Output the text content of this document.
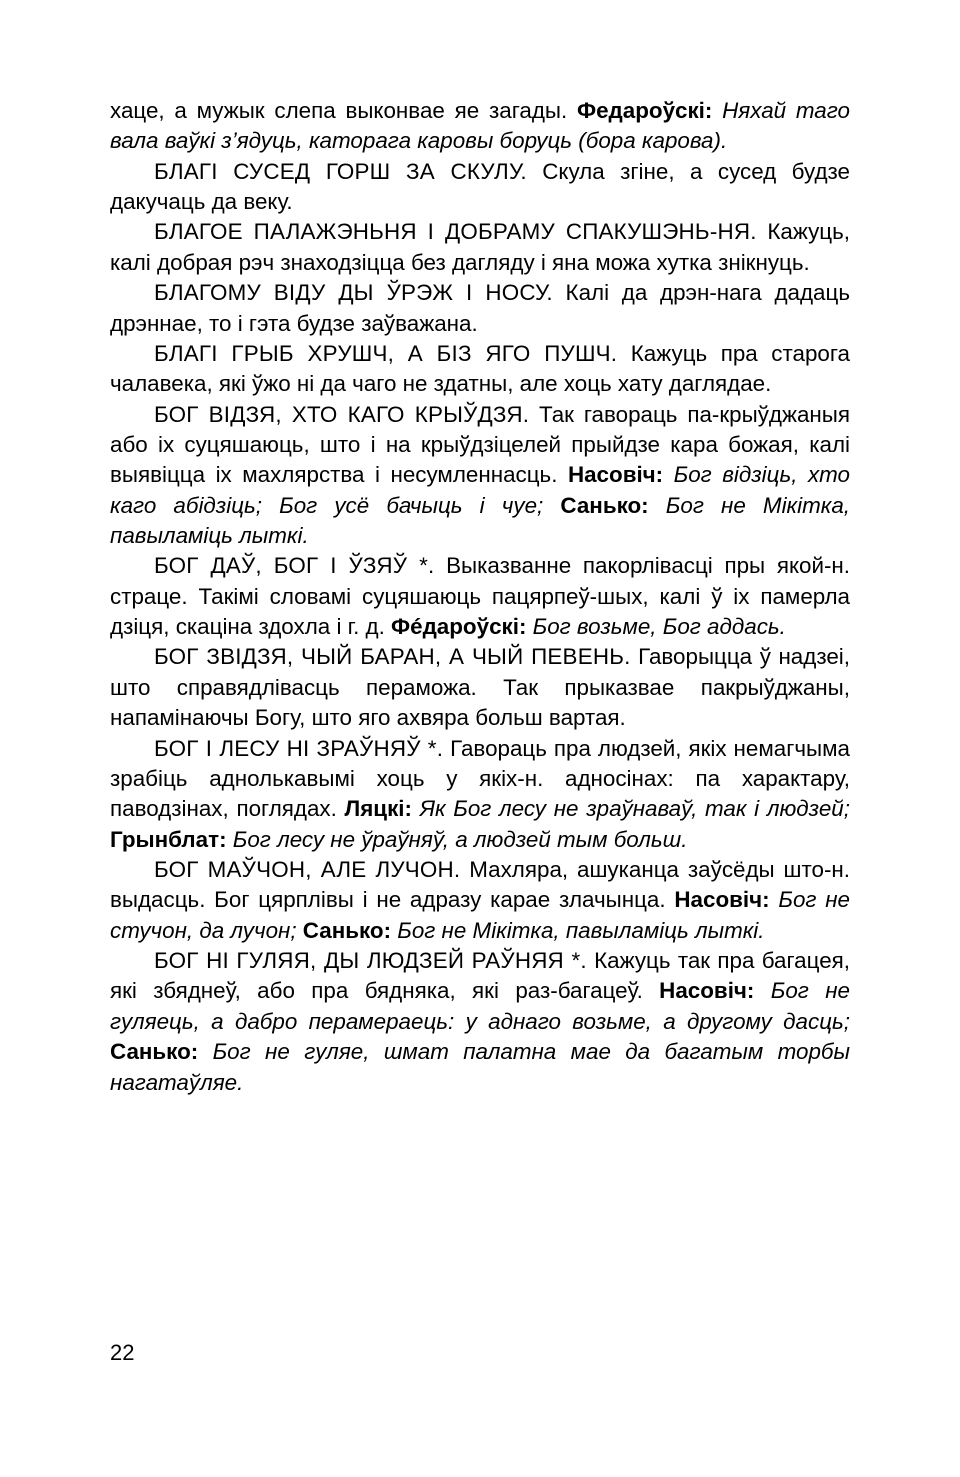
хаце, а мужык слепа выконвае яе загады. Федароўскі: Няхай таго вала ваўкі з’ядуць, каторага каровы боруць (бора карова).

БЛАГІ СУСЕД ГОРШ ЗА СКУЛУ. Скула згіне, а сусед будзе дакучаць да веку.

БЛАГОЕ ПАЛАЖЭНЬНЯ І ДОБРАМУ СПАКУШЭНЬ-НЯ. Кажуць, калі добрая рэч знаходзіцца без дагляду і яна можа хутка знікнуць.

БЛАГОМУ ВІДУ ДЫ ЎРЭЖ І НОСУ. Калі да дрэн-нага дадаць дрэннае, то і гэта будзе заўважана.

БЛАГІ ГРЫБ ХРУШЧ, А БІЗ ЯГО ПУШЧ. Кажуць пра старога чалавека, які ўжо ні да чаго не здатны, але хоць хату даглядае.

БОГ ВІДЗЯ, ХТО КАГО КРЫЎДЗЯ. Так гавораць па-крыўджаныя або іх суцяшаюць, што і на крыўдзіцелей прыйдзе кара божая, калі выявіцца іх махлярства і несумленнасць. Насовіч: Бог відзіць, хто каго абідзіць; Бог усё бачыць і чуе; Санько: Бог не Мікітка, павыламіць лыткі.

БОГ ДАЎ, БОГ І ЎЗЯЎ *. Выказванне пакорлівасці пры якой-н. страце. Такімі словамі суцяшаюць пацярпеў-шых, калі ў іх памерла дзіця, скаціна здохла і г. д. Фéдароўскі: Бог возьме, Бог аддась.

БОГ ЗВІДЗЯ, ЧЫЙ БАРАН, А ЧЫЙ ПЕВЕНЬ. Гаворыцца ў надзеі, што справядлівасць пераможа. Так прыказвае пакрыўджаны, напамінаючы Богу, што яго ахвяра больш вартая.

БОГ І ЛЕСУ НІ ЗРАЎНЯЎ *. Гавораць пра людзей, якіх немагчыма зрабіць аднолькавымі хоць у якіх-н. адносінах: па характару, паводзінах, поглядах. Ляцкі: Як Бог лесу не зраўнаваў, так і людзей; Грынблат: Бог лесу не ўраўняў, а людзей тым больш.

БОГ МАЎЧОН, АЛЕ ЛУЧОН. Махляра, ашуканца заўсёды што-н. выдасць. Бог цярплівы і не адразу карае злачынца. Насовіч: Бог не стучон, да лучон; Санько: Бог не Мікітка, павыламіць лыткі.

БОГ НІ ГУЛЯЯ, ДЫ ЛЮДЗЕЙ РАЎНЯЯ *. Кажуць так пра багацея, які збяднеў, або пра бядняка, які раз-багацеў. Насовіч: Бог не гуляець, а дабро перамераець: у аднаго возьме, а другому дасць; Санько: Бог не гуляе, шмат палатна мае да багатым торбы нагатаўляе.

22
